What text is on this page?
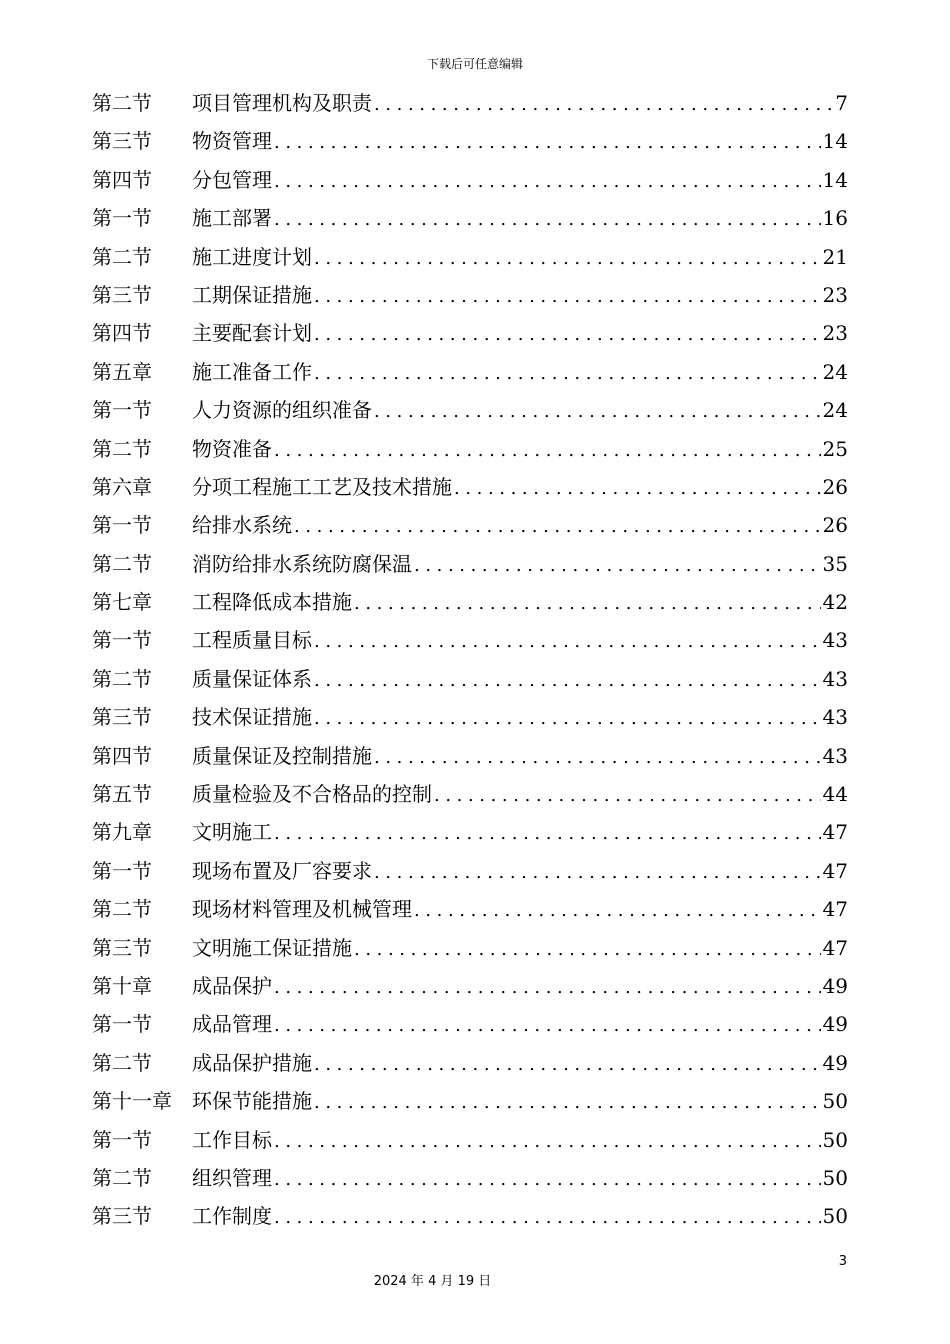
下载后可任意编辑
第二节	项目管理机构及职责 .....	7
第三节	物资管理 .....	14
第四节	分包管理 .....	14
第一节	施工部署 .....	16
第二节	施工进度计划 .....	21
第三节	工期保证措施 .....	23
第四节	主要配套计划 .....	23
第五章	施工准备工作 .....	24
第一节	人力资源的组织准备 .....	24
第二节	物资准备 .....	25
第六章	分项工程施工工艺及技术措施 .....	26
第一节	给排水系统 .....	26
第二节	消防给排水系统防腐保温 .....	35
第七章	工程降低成本措施 .....	42
第一节	工程质量目标 .....	43
第二节	质量保证体系 .....	43
第三节	技术保证措施 .....	43
第四节	质量保证及控制措施 .....	43
第五节	质量检验及不合格品的控制 .....	44
第九章	文明施工 .....	47
第一节	现场布置及厂容要求 .....	47
第二节	现场材料管理及机械管理 .....	47
第三节	文明施工保证措施 .....	47
第十章	成品保护 .....	49
第一节	成品管理 .....	49
第二节	成品保护措施 .....	49
第十一章	环保节能措施 .....	50
第一节	工作目标 .....	50
第二节	组织管理 .....	50
第三节	工作制度 .....	50
3
2024 年 4 月 19 日
